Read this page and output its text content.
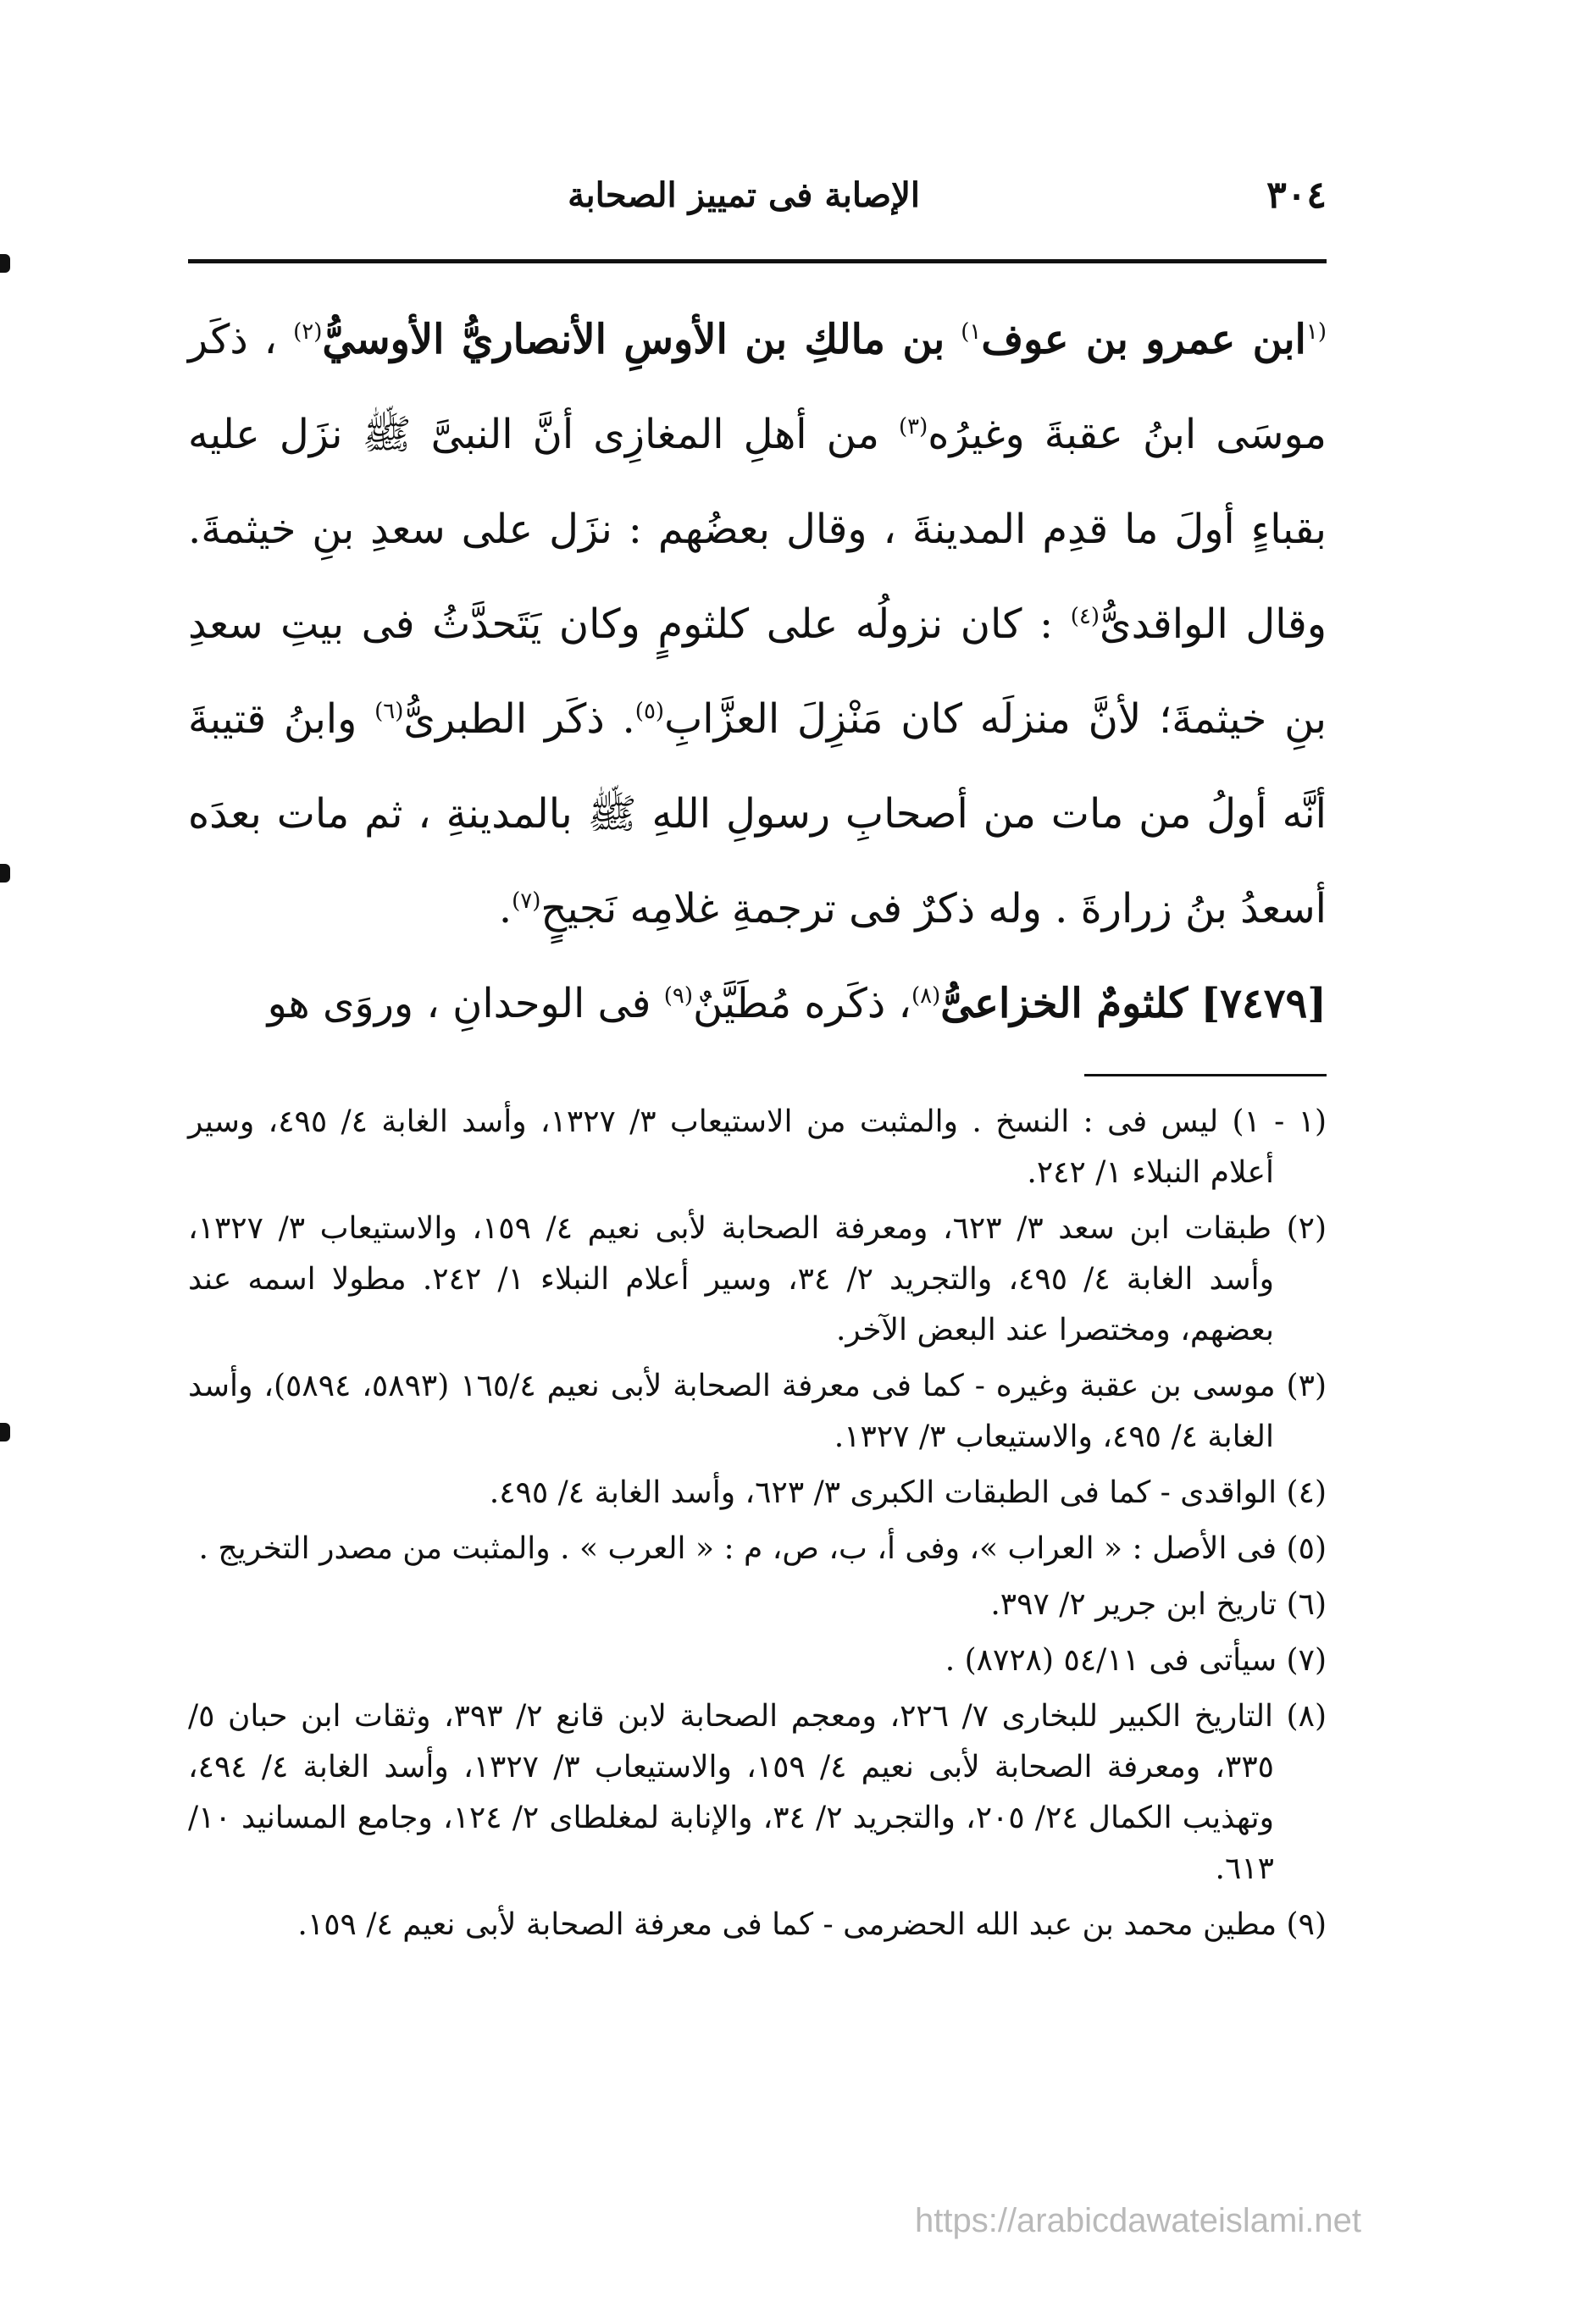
٣٠٤
الإصابة فى تمييز الصحابة

$^{(١}$ابن عمرو بن عوف$^{١)}$ بن مالكِ بن الأوسِ الأنصاريُّ الأوسيُّ$^{(٢)}$ ، ذكَر موسَى ابنُ عقبةَ وغيرُه$^{(٣)}$ من أهلِ المغازِى أنَّ النبىَّ ﷺ نزَل عليه بقباءٍ أولَ ما قدِم المدينةَ ، وقال بعضُهم : نزَل على سعدِ بنِ خيثمةَ. وقال الواقدىُّ$^{(٤)}$ : كان نزولُه على كلثومٍ وكان يَتَحدَّثُ فى بيتِ سعدِ بنِ خيثمةَ؛ لأنَّ منزلَه كان مَنْزِلَ العزَّابِ$^{(٥)}$. ذكَر الطبرىُّ$^{(٦)}$ وابنُ قتيبةَ أنَّه أولُ من مات من أصحابِ رسولِ اللهِ ﷺ بالمدينةِ ، ثم مات بعدَه أسعدُ بنُ زرارةَ . وله ذكرٌ فى ترجمةِ غلامِه نَجيحٍ$^{(٧)}$.

[٧٤٧٩] كلثومٌ الخزاعىُّ$^{(٨)}$، ذكَره مُطَيَّنٌ$^{(٩)}$ فى الوحدانِ ، وروَى هو

(١ - ١) ليس فى : النسخ . والمثبت من الاستيعاب ٣/ ١٣٢٧، وأسد الغابة ٤/ ٤٩٥، وسير أعلام النبلاء ١/ ٢٤٢.

(٢) طبقات ابن سعد ٣/ ٦٢٣، ومعرفة الصحابة لأبى نعيم ٤/ ١٥٩، والاستيعاب ٣/ ١٣٢٧، وأسد الغابة ٤/ ٤٩٥، والتجريد ٢/ ٣٤، وسير أعلام النبلاء ١/ ٢٤٢. مطولا اسمه عند بعضهم، ومختصرا عند البعض الآخر.

(٣) موسى بن عقبة وغيره - كما فى معرفة الصحابة لأبى نعيم ١٦٥/٤ (٥٨٩٣، ٥٨٩٤)، وأسد الغابة ٤/ ٤٩٥، والاستيعاب ٣/ ١٣٢٧.

(٤) الواقدى - كما فى الطبقات الكبرى ٣/ ٦٢٣، وأسد الغابة ٤/ ٤٩٥.

(٥) فى الأصل : « العراب »، وفى أ، ب، ص، م : « العرب » . والمثبت من مصدر التخريج .

(٦) تاريخ ابن جرير ٢/ ٣٩٧.

(٧) سيأتى فى ٥٤/١١ (٨٧٢٨) .

(٨) التاريخ الكبير للبخارى ٧/ ٢٢٦، ومعجم الصحابة لابن قانع ٢/ ٣٩٣، وثقات ابن حبان ٥/ ٣٣٥، ومعرفة الصحابة لأبى نعيم ٤/ ١٥٩، والاستيعاب ٣/ ١٣٢٧، وأسد الغابة ٤/ ٤٩٤، وتهذيب الكمال ٢٤/ ٢٠٥، والتجريد ٢/ ٣٤، والإنابة لمغلطاى ٢/ ١٢٤، وجامع المسانيد ١٠/ ٦١٣.

(٩) مطين محمد بن عبد الله الحضرمى - كما فى معرفة الصحابة لأبى نعيم ٤/ ١٥٩.

https://arabicdawateislami.net
